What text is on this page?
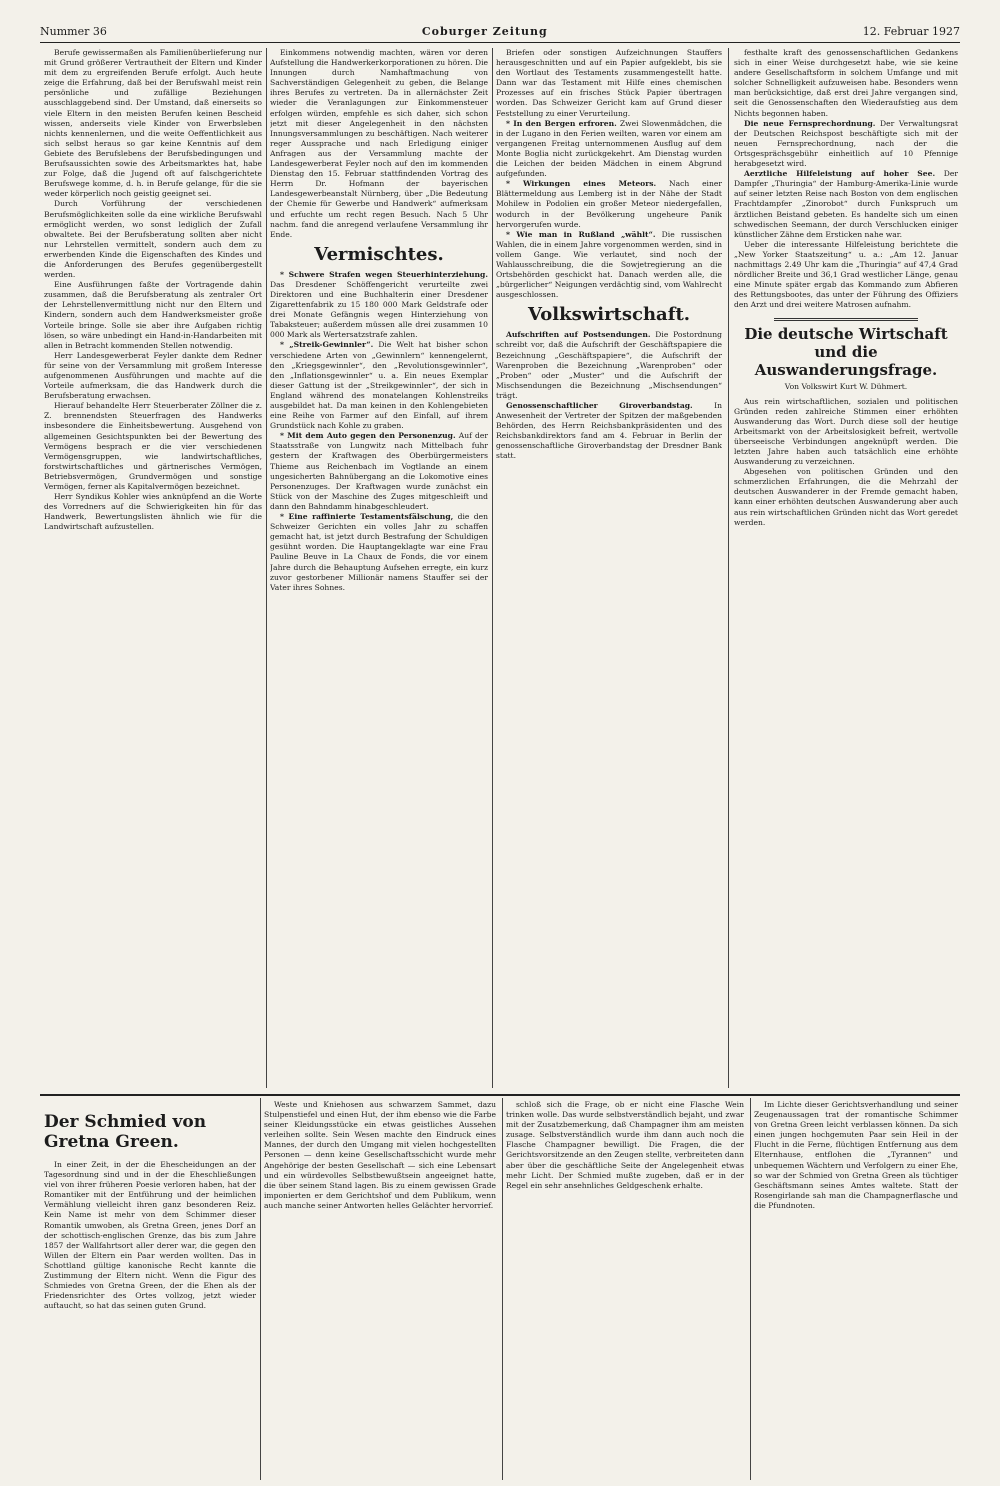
Nummer 36	Coburger Zeitung	12. Februar 1927

Berufe gewissermaßen als Familienüberlieferung nur mit Grund größerer Vertrautheit der Eltern und Kinder mit dem zu ergreifenden Berufe erfolgt. Auch heute zeige die Erfahrung, daß bei der Berufswahl meist rein persönliche und zufällige Beziehungen ausschlaggebend sind. Der Umstand, daß einerseits so viele Eltern in den meisten Berufen keinen Bescheid wissen, anderseits viele Kinder von Erwerbsleben nichts kennenlernen, und die weite Oeffentlichkeit aus sich selbst heraus so gar keine Kenntnis auf dem Gebiete des Berufslebens der Berufsbedingungen und Berufsaussichten sowie des Arbeitsmarktes hat, habe zur Folge, daß die Jugend oft auf falschgerichtete Berufswege komme, d. h. in Berufe gelange, für die sie weder körperlich noch geistig geeignet sei.

Durch Vorführung der verschiedenen Berufsmöglichkeiten solle da eine wirkliche Berufswahl ermöglicht werden, wo sonst lediglich der Zufall obwaltete. Bei der Berufsberatung sollten aber nicht nur Lehrstellen vermittelt, sondern auch dem zu erwerbenden Kinde die Eigenschaften des Kindes und die Anforderungen des Berufes gegenübergestellt werden.

Eine Ausführungen faßte der Vortragende dahin zusammen, daß die Berufsberatung als zentraler Ort der Lehrstellenvermittlung nicht nur den Eltern und Kindern, sondern auch dem Handwerksmeister große Vorteile bringe. Solle sie aber ihre Aufgaben richtig lösen, so wäre unbedingt ein Hand-in-Handarbeiten mit allen in Betracht kommenden Stellen notwendig.

Herr Landesgewerberat Feyler dankte dem Redner für seine von der Versammlung mit großem Interesse aufgenommenen Ausführungen und machte auf die Vorteile aufmerksam, die das Handwerk durch die Berufsberatung erwachsen.

Hierauf behandelte Herr Steuerberater Zöllner die z. Z. brennendsten Steuerfragen des Handwerks insbesondere die Einheitsbewertung. Ausgehend von allgemeinen Gesichtspunkten bei der Bewertung des Vermögens besprach er die vier verschiedenen Vermögensgruppen, wie landwirtschaftliches, forstwirtschaftliches und gärtnerisches Vermögen, Betriebsvermögen, Grundvermögen und sonstige Vermögen, ferner als Kapitalvermögen bezeichnet.

Herr Syndikus Kohler wies anknüpfend an die Worte des Vorredners auf die Schwierigkeiten hin für das Handwerk, Bewertungslisten ähnlich wie für die Landwirtschaft aufzustellen.

Einkommens notwendig machten, wären vor deren Aufstellung die Handwerkerkorporationen zu hören. Die Innungen durch Namhaftmachung von Sachverständigen Gelegenheit zu geben, die Belange ihres Berufes zu vertreten. Da in allernächster Zeit wieder die Veranlagungen zur Einkommensteuer erfolgen würden, empfehle es sich daher, sich schon jetzt mit dieser Angelegenheit in den nächsten Innungsversammlungen zu beschäftigen. Nach weiterer reger Aussprache und nach Erledigung einiger Anfragen aus der Versammlung machte der Landesgewerberat Feyler noch auf den im kommenden Dienstag den 15. Februar stattfindenden Vortrag des Herrn Dr. Hofmann der bayerischen Landesgewerbeanstalt Nürnberg, über „Die Bedeutung der Chemie für Gewerbe und Handwerk“ aufmerksam und erfuchte um recht regen Besuch. Nach 5 Uhr nachm. fand die anregend verlaufene Versammlung ihr Ende.

Vermischtes.

* Schwere Strafen wegen Steuerhinterziehung. Das Dresdener Schöffengericht verurteilte zwei Direktoren und eine Buchhalterin einer Dresdener Zigarettenfabrik zu 15 180 000 Mark Geldstrafe oder drei Monate Gefängnis wegen Hinterziehung von Tabaksteuer; außerdem müssen alle drei zusammen 10 000 Mark als Wertersatzstrafe zahlen.

* „Streik-Gewinnler“. Die Welt hat bisher schon verschiedene Arten von „Gewinnlern“ kennengelernt, den „Kriegsgewinnler“, den „Revolutionsgewinnler“, den „Inflationsgewinnler“ u. a. Ein neues Exemplar dieser Gattung ist der „Streikgewinnler“, der sich in England während des monatelangen Kohlenstreiks ausgebildet hat. Da man keinen in den Kohlengebieten eine Reihe von Farmer auf den Einfall, auf ihrem Grundstück nach Kohle zu graben.

* Mit dem Auto gegen den Personenzug. Auf der Staatsstraße von Lungwitz nach Mittelbach fuhr gestern der Kraftwagen des Oberbürgermeisters Thieme aus Reichenbach im Vogtlande an einem ungesicherten Bahnübergang an die Lokomotive eines Personenzuges. Der Kraftwagen wurde zunächst ein Stück von der Maschine des Zuges mitgeschleift und dann den Bahndamm hinabgeschleudert.

* Eine raffinierte Testamentsfälschung, die den Schweizer Gerichten ein volles Jahr zu schaffen gemacht hat, ist jetzt durch Bestrafung der Schuldigen gesühnt worden. Die Hauptangeklagte war eine Frau Pauline Beuve in La Chaux de Fonds, die vor einem Jahre durch die Behauptung Aufsehen erregte, ein kurz zuvor gestorbener Millionär namens Stauffer sei der Vater ihres Sohnes.

Briefen oder sonstigen Aufzeichnungen Stauffers herausgeschnitten und auf ein Papier aufgeklebt, bis sie den Wortlaut des Testaments zusammengestellt hatte. Dann war das Testament mit Hilfe eines chemischen Prozesses auf ein frisches Stück Papier übertragen worden. Das Schweizer Gericht kam auf Grund dieser Feststellung zu einer Verurteilung.

* In den Bergen erfroren. Zwei Slowenmädchen, die in der Lugano in den Ferien weilten, waren vor einem am vergangenen Freitag unternommenen Ausflug auf dem Monte Boglia nicht zurückgekehrt. Am Dienstag wurden die Leichen der beiden Mädchen in einem Abgrund aufgefunden.

* Wirkungen eines Meteors. Nach einer Blättermeldung aus Lemberg ist in der Nähe der Stadt Mohilew in Podolien ein großer Meteor niedergefallen, wodurch in der Bevölkerung ungeheure Panik hervorgerufen wurde.

* Wie man in Rußland „wählt“. Die russischen Wahlen, die in einem Jahre vorgenommen werden, sind in vollem Gange. Wie verlautet, sind noch der Wahlausschreibung, die die Sowjetregierung an die Ortsbehörden geschickt hat. Danach werden alle, die „bürgerlicher“ Neigungen verdächtig sind, vom Wahlrecht ausgeschlossen.

Volkswirtschaft.

Aufschriften auf Postsendungen. Die Postordnung schreibt vor, daß die Aufschrift der Geschäftspapiere die Bezeichnung „Geschäftspapiere“, die Aufschrift der Warenproben die Bezeichnung „Warenproben“ oder „Proben“ oder „Muster“ und die Aufschrift der Mischsendungen die Bezeichnung „Mischsendungen“ trägt.

Genossenschaftlicher Giroverbandstag.	In Anwesenheit der Vertreter der Spitzen der maßgebenden Behörden, des Herrn Reichsbankpräsidenten und des Reichsbankdirektors fand am 4. Februar in Berlin der genossenschaftliche Giroverbandstag der Dresdner Bank statt.

festhalte kraft des genossenschaftlichen Gedankens sich in einer Weise durchgesetzt habe, wie sie keine andere Gesellschaftsform in solchem Umfange und mit solcher Schnelligkeit aufzuweisen habe. Besonders wenn man berücksichtige, daß erst drei Jahre vergangen sind, seit die Genossenschaften den Wiederaufstieg aus dem Nichts begonnen haben.

Die neue Fernsprechordnung. Der Verwaltungsrat der Deutschen Reichspost beschäftigte sich mit der neuen Fernsprechordnung, nach der die Ortsgesprächsgebühr einheitlich auf 10 Pfennige herabgesetzt wird.

Aerztliche Hilfeleistung auf hoher See. Der Dampfer „Thuringia“ der Hamburg-Amerika-Linie wurde auf seiner letzten Reise nach Boston von dem englischen Frachtdampfer „Zinorobot“ durch Funkspruch um ärztlichen Beistand gebeten. Es handelte sich um einen schwedischen Seemann, der durch Verschlucken einiger künstlicher Zähne dem Ersticken nahe war.

Ueber die interessante Hilfeleistung berichtete die „New Yorker Staatszeitung“ u. a.: „Am 12. Januar nachmittags 2.49 Uhr kam die „Thuringia“ auf 47,4 Grad nördlicher Breite und 36,1 Grad westlicher Länge, genau eine Minute später ergab das Kommando zum Abfieren des Rettungsbootes, das unter der Führung des Offiziers den Arzt und drei weitere Matrosen aufnahm.

Die deutsche Wirtschaft und die Auswanderungsfrage.

Von Volkswirt Kurt W. Dühmert.

Aus rein wirtschaftlichen, sozialen und politischen Gründen reden zahlreiche Stimmen einer erhöhten Auswanderung das Wort. Durch diese soll der heutige Arbeitsmarkt von der Arbeitslosigkeit befreit, wertvolle überseeische Verbindungen angeknüpft werden. Die letzten Jahre haben auch tatsächlich eine erhöhte Auswanderung zu verzeichnen.

Abgesehen von politischen Gründen und den schmerzlichen Erfahrungen, die die Mehrzahl der deutschen Auswanderer in der Fremde gemacht haben, kann einer erhöhten deutschen Auswanderung aber auch aus rein wirtschaftlichen Gründen nicht das Wort geredet werden.

Der Schmied von Gretna Green.

In einer Zeit, in der die Ehescheidungen an der Tagesordnung sind und in der die Eheschließungen viel von ihrer früheren Poesie verloren haben, hat der Romantiker mit der Entführung und der heimlichen Vermählung vielleicht ihren ganz besonderen Reiz. Kein Name ist mehr von dem Schimmer dieser Romantik umwoben, als Gretna Green, jenes Dorf an der schottisch-englischen Grenze, das bis zum Jahre 1857 der Wallfahrtsort aller derer war, die gegen den Willen der Eltern ein Paar werden wollten. Das in Schottland gültige kanonische Recht kannte die Zustimmung der Eltern nicht. Wenn die Figur des Schmiedes von Gretna Green, der die Ehen als der Friedensrichter des Ortes vollzog, jetzt wieder auftaucht, so hat das seinen guten Grund.

Weste und Kniehosen aus schwarzem Sammet, dazu Stulpenstiefel und einen Hut, der ihm ebenso wie die Farbe seiner Kleidungsstücke ein etwas geistliches Aussehen verleihen sollte. Sein Wesen machte den Eindruck eines Mannes, der durch den Umgang mit vielen hochgestellten Personen — denn keine Gesellschaftsschicht wurde mehr Angehörige der besten Gesellschaft — sich eine Lebensart und ein würdevolles Selbstbewußtsein angeeignet hatte, die über seinem Stand lagen. Bis zu einem gewissen Grade imponierten er dem Gerichtshof und dem Publikum, wenn auch manche seiner Antworten helles Gelächter hervorrief.

schloß sich die Frage, ob er nicht eine Flasche Wein trinken wolle. Das wurde selbstverständlich bejaht, und zwar mit der Zusatzbemerkung, daß Champagner ihm am meisten zusage. Selbstverständlich wurde ihm dann auch noch die Flasche Champagner bewilligt. Die Fragen, die der Gerichtsvorsitzende an den Zeugen stellte, verbreiteten dann aber über die geschäftliche Seite der Angelegenheit etwas mehr Licht. Der Schmied mußte zugeben, daß er in der Regel ein sehr ansehnliches Geldgeschenk erhalte.

Im Lichte dieser Gerichtsverhandlung und seiner Zeugenaussagen trat der romantische Schimmer von Gretna Green leicht verblassen können. Da sich einen jungen hochgemuten Paar sein Heil in der Flucht in die Ferne, flüchtigen Entfernung aus dem Elternhause, entflohen die „Tyrannen“ und unbequemen Wächtern und Verfolgern zu einer Ehe, so war der Schmied von Gretna Green als tüchtiger Geschäftsmann seines Amtes waltete. Statt der Rosengirlande sah man die Champagnerflasche und die Pfundnoten.
